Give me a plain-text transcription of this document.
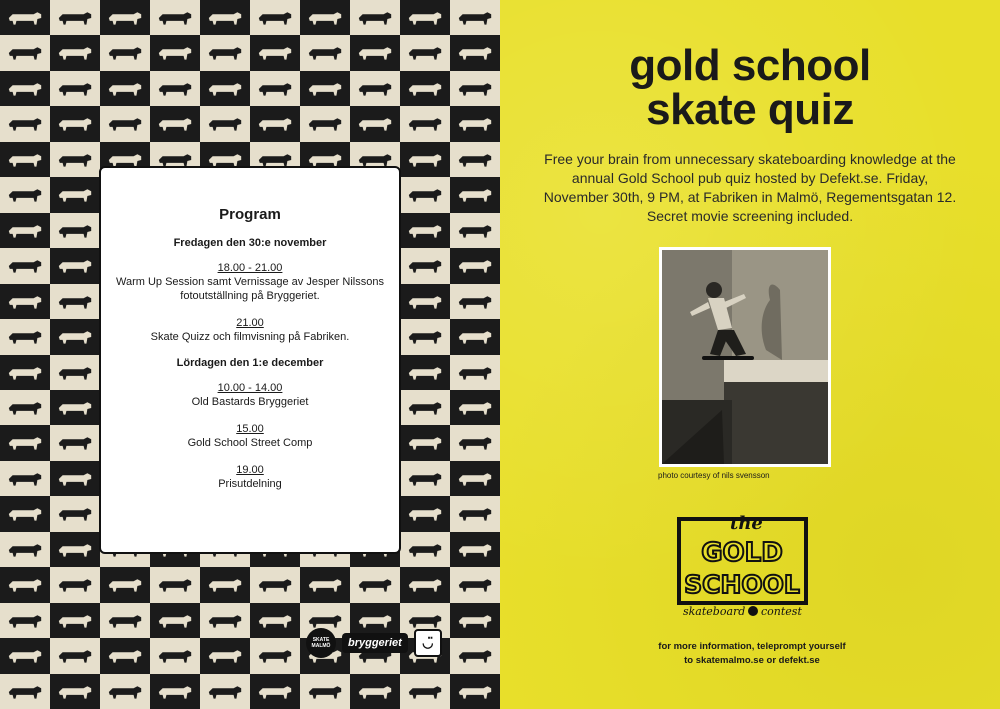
Program
Fredagen den 30:e november
18.00 - 21.00
Warm Up Session samt Vernissage av Jesper Nilssons fotoutställning på Bryggeriet.
21.00
Skate Quizz och filmvisning på Fabriken.
Lördagen den 1:e december
10.00 - 14.00
Old Bastards Bryggeriet
15.00
Gold School Street Comp
19.00
Prisutdelning
SKATE MALMÖ	bryggeriet	◡̈
gold school
skate quiz
Free your brain from unnecessary skateboarding knowledge at the annual Gold School pub quiz hosted by Defekt.se. Friday, November 30th, 9 PM, at Fabriken in Malmö, Regementsgatan 12. Secret movie screening included.
photo courtesy of nils svensson
the
GOLD
SCHOOL
skateboard contest
for more information, teleprompt yourself
to skatemalmo.se or defekt.se
